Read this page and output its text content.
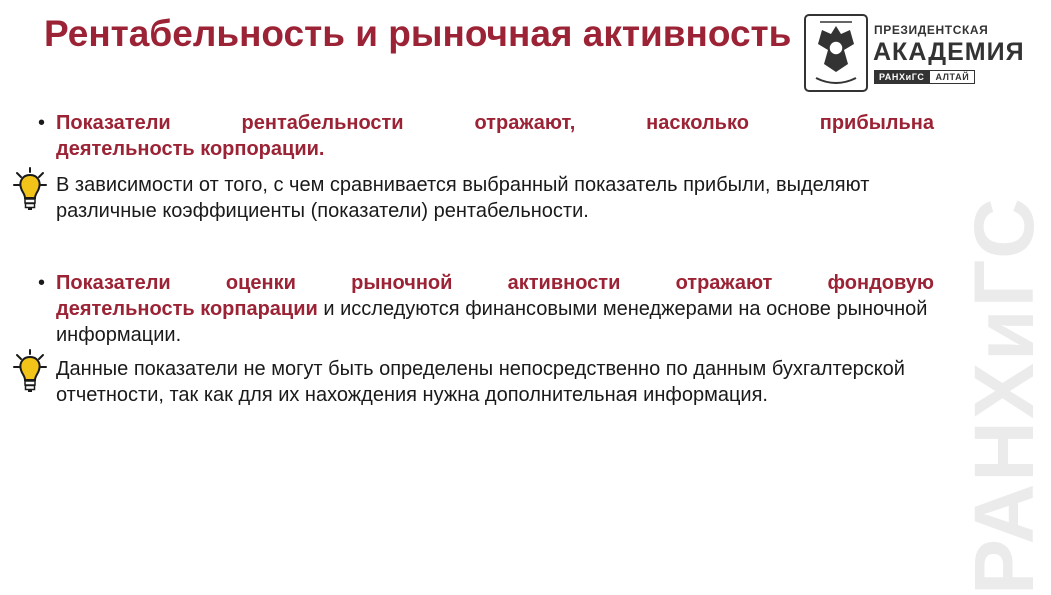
Рентабельность и рыночная активность	ПРЕЗИДЕНТСКАЯ
АКАДЕМИЯ
РАНХиГС	АЛТАЙ
РАНХиГС
• Показатели рентабельности отражают, насколько прибыльна
деятельность корпорации.

В зависимости от того, с чем сравнивается выбранный показатель прибыли, выделяют различные коэффициенты (показатели) рентабельности.

• Показатели оценки рыночной активности отражают фондовую
деятельность корпарации и исследуются финансовыми менеджерами на основе рыночной информации.

Данные показатели не могут быть определены непосредственно по данным бухгалтерской отчетности, так как для их нахождения нужна дополнительная информация.
